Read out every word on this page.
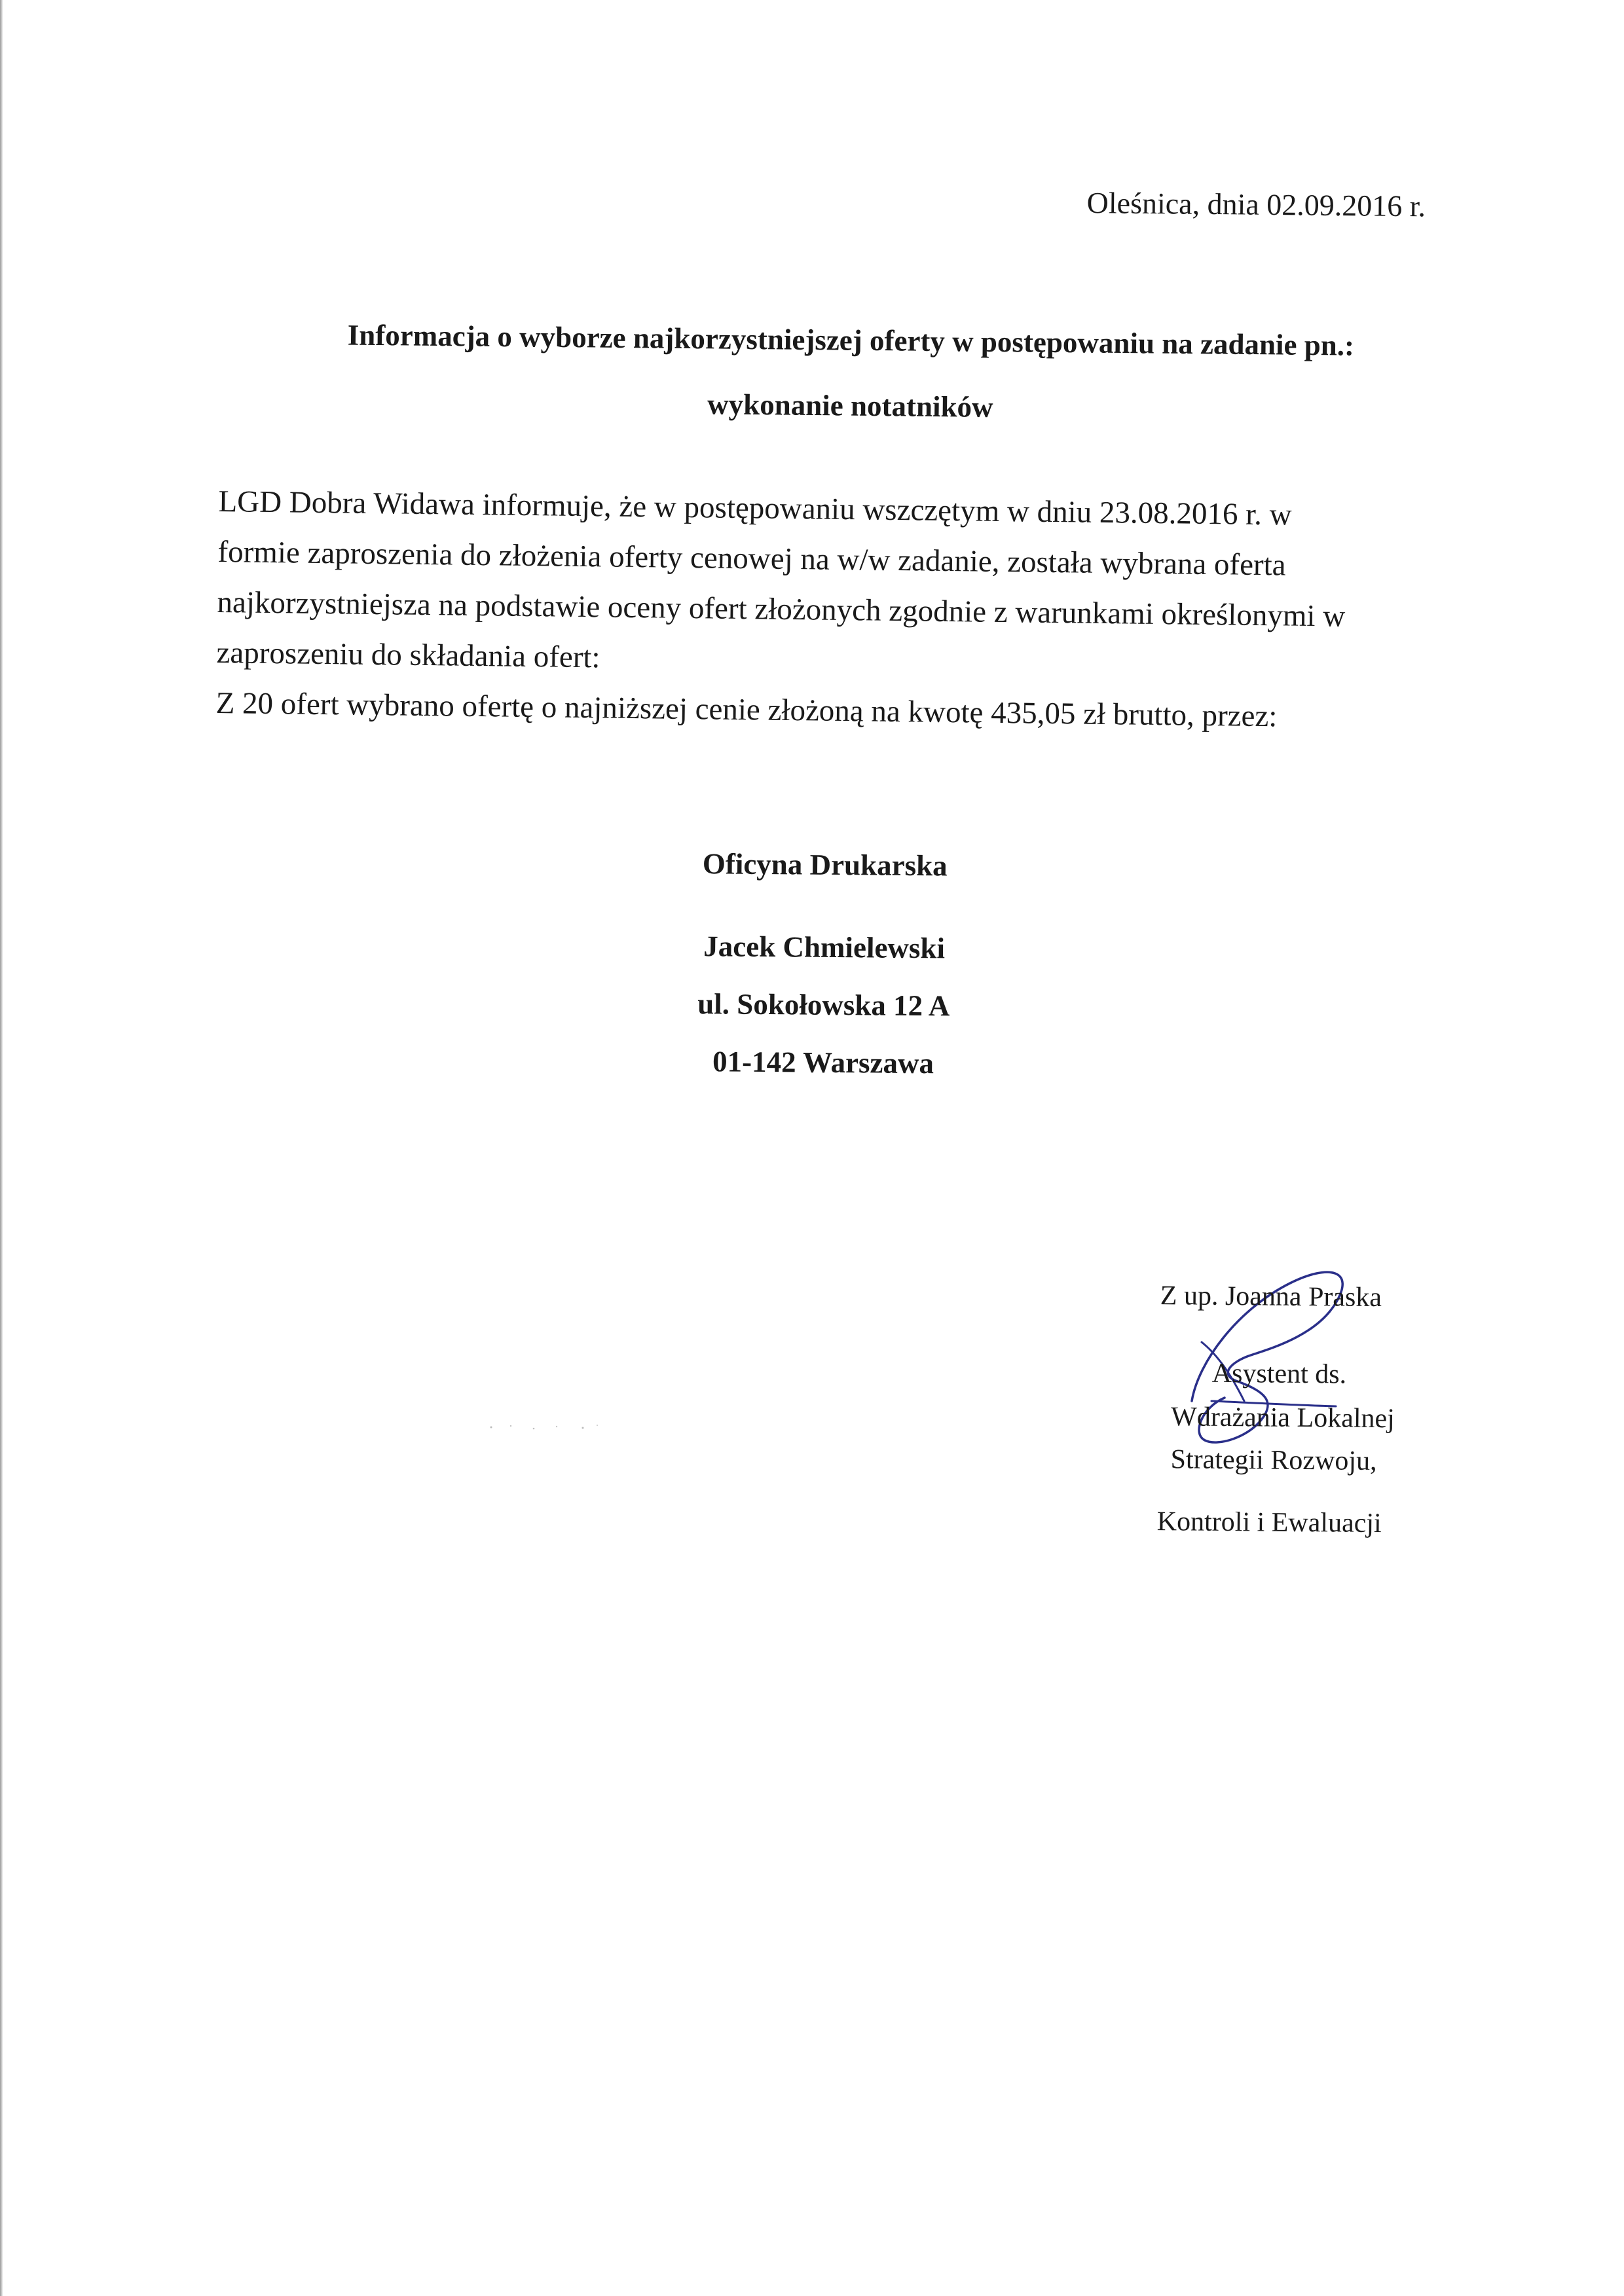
Oleśnica, dnia 02.09.2016 r.
Informacja o wyborze najkorzystniejszej oferty w postępowaniu na zadanie pn.:
wykonanie notatników

LGD Dobra Widawa informuje, że w postępowaniu wszczętym w dniu 23.08.2016 r. w

formie zaproszenia do złożenia oferty cenowej na w/w zadanie, została wybrana oferta

najkorzystniejsza na podstawie oceny ofert złożonych zgodnie z warunkami określonymi w

zaproszeniu do składania ofert:

Z 20 ofert wybrano ofertę o najniższej cenie złożoną na kwotę 435,05 zł brutto, przez:

Oficyna Drukarska
Jacek Chmielewski
ul. Sokołowska 12 A
01-142 Warszawa
Z up. Joanna Praska
Asystent ds.
Wdrażania Lokalnej
Strategii Rozwoju,
Kontroli i Ewaluacji
